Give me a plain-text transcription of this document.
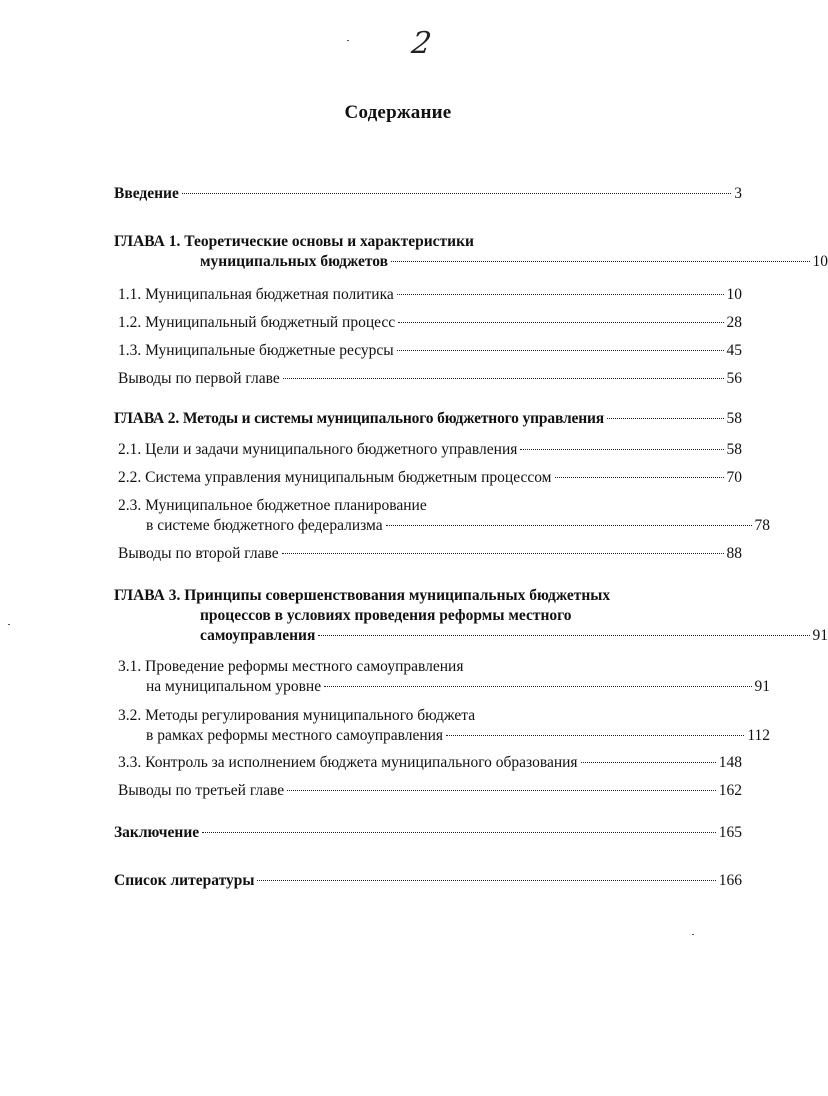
2
Содержание
Введение	3
ГЛАВА 1. Теоретические основы и характеристики
муниципальных бюджетов	10
1.1. Муниципальная бюджетная политика	10
1.2. Муниципальный бюджетный процесс	28
1.3. Муниципальные бюджетные ресурсы	45
Выводы по первой главе	56
ГЛАВА 2. Методы и системы муниципального бюджетного управления	58
2.1. Цели и задачи муниципального бюджетного управления	58
2.2. Система управления муниципальным бюджетным процессом	70
2.3. Муниципальное бюджетное планирование
в системе бюджетного федерализма	78
Выводы по второй главе	88
ГЛАВА 3. Принципы совершенствования муниципальных бюджетных
процессов в условиях проведения реформы местного
самоуправления	91
3.1. Проведение реформы местного самоуправления
на муниципальном уровне	91
3.2. Методы регулирования муниципального бюджета
в рамках реформы местного самоуправления	112
3.3. Контроль за исполнением бюджета муниципального образования	148
Выводы по третьей главе	162
Заключение	165
Список литературы	166
